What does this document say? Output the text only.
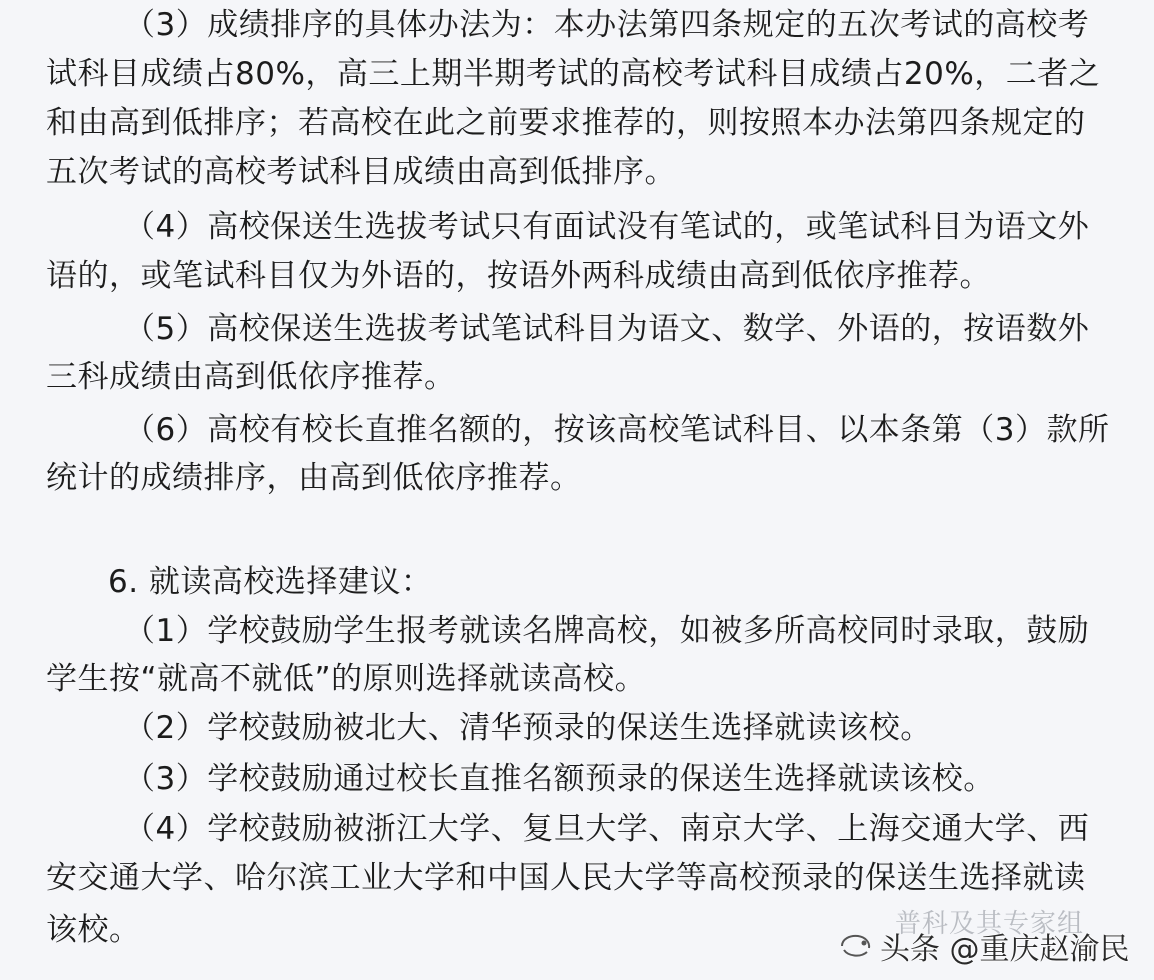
（3）成绩排序的具体办法为：本办法第四条规定的五次考试的高校考
试科目成绩占80%，高三上期半期考试的高校考试科目成绩占20%，二者之
和由高到低排序；若高校在此之前要求推荐的，则按照本办法第四条规定的
五次考试的高校考试科目成绩由高到低排序。
（4）高校保送生选拔考试只有面试没有笔试的，或笔试科目为语文外
语的，或笔试科目仅为外语的，按语外两科成绩由高到低依序推荐。
（5）高校保送生选拔考试笔试科目为语文、数学、外语的，按语数外
三科成绩由高到低依序推荐。
（6）高校有校长直推名额的，按该高校笔试科目、以本条第（3）款所
统计的成绩排序，由高到低依序推荐。
6. 就读高校选择建议：
（1）学校鼓励学生报考就读名牌高校，如被多所高校同时录取，鼓励
学生按“就高不就低”的原则选择就读高校。
（2）学校鼓励被北大、清华预录的保送生选择就读该校。
（3）学校鼓励通过校长直推名额预录的保送生选择就读该校。
（4）学校鼓励被浙江大学、复旦大学、南京大学、上海交通大学、西
安交通大学、哈尔滨工业大学和中国人民大学等高校预录的保送生选择就读
该校。	普科及其专家组
头条 @重庆赵渝民
